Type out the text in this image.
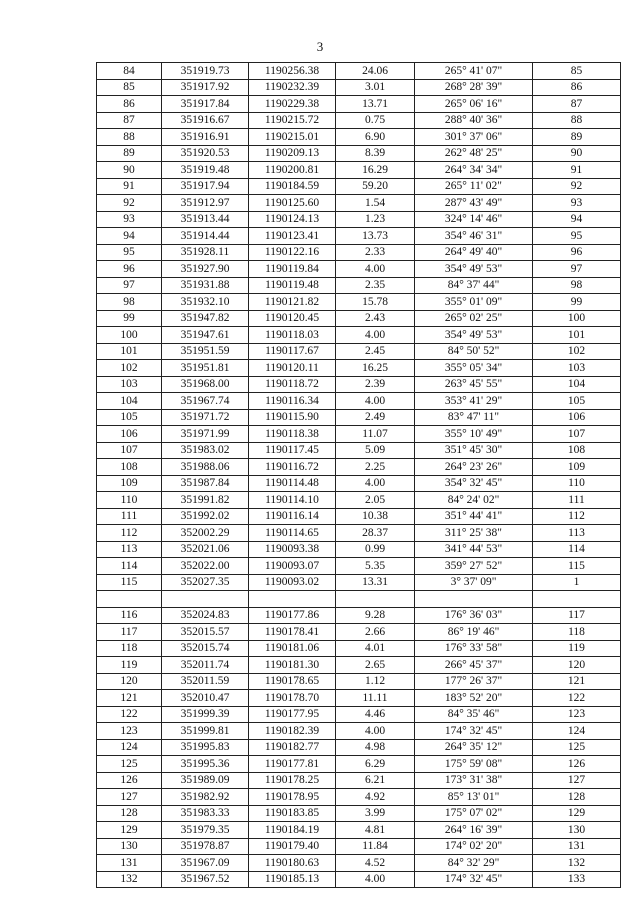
3
84	351919.73	1190256.38	24.06	265° 41' 07"	85
85	351917.92	1190232.39	3.01	268° 28' 39"	86
86	351917.84	1190229.38	13.71	265° 06' 16"	87
87	351916.67	1190215.72	0.75	288° 40' 36"	88
88	351916.91	1190215.01	6.90	301° 37' 06"	89
89	351920.53	1190209.13	8.39	262° 48' 25"	90
90	351919.48	1190200.81	16.29	264° 34' 34"	91
91	351917.94	1190184.59	59.20	265° 11' 02"	92
92	351912.97	1190125.60	1.54	287° 43' 49"	93
93	351913.44	1190124.13	1.23	324° 14' 46"	94
94	351914.44	1190123.41	13.73	354° 46' 31"	95
95	351928.11	1190122.16	2.33	264° 49' 40"	96
96	351927.90	1190119.84	4.00	354° 49' 53"	97
97	351931.88	1190119.48	2.35	84° 37' 44"	98
98	351932.10	1190121.82	15.78	355° 01' 09"	99
99	351947.82	1190120.45	2.43	265° 02' 25"	100
100	351947.61	1190118.03	4.00	354° 49' 53"	101
101	351951.59	1190117.67	2.45	84° 50' 52"	102
102	351951.81	1190120.11	16.25	355° 05' 34"	103
103	351968.00	1190118.72	2.39	263° 45' 55"	104
104	351967.74	1190116.34	4.00	353° 41' 29"	105
105	351971.72	1190115.90	2.49	83° 47' 11"	106
106	351971.99	1190118.38	11.07	355° 10' 49"	107
107	351983.02	1190117.45	5.09	351° 45' 30"	108
108	351988.06	1190116.72	2.25	264° 23' 26"	109
109	351987.84	1190114.48	4.00	354° 32' 45"	110
110	351991.82	1190114.10	2.05	84° 24' 02"	111
111	351992.02	1190116.14	10.38	351° 44' 41"	112
112	352002.29	1190114.65	28.37	311° 25' 38"	113
113	352021.06	1190093.38	0.99	341° 44' 53"	114
114	352022.00	1190093.07	5.35	359° 27' 52"	115
115	352027.35	1190093.02	13.31	3° 37' 09"	1

116	352024.83	1190177.86	9.28	176° 36' 03"	117
117	352015.57	1190178.41	2.66	86° 19' 46"	118
118	352015.74	1190181.06	4.01	176° 33' 58"	119
119	352011.74	1190181.30	2.65	266° 45' 37"	120
120	352011.59	1190178.65	1.12	177° 26' 37"	121
121	352010.47	1190178.70	11.11	183° 52' 20"	122
122	351999.39	1190177.95	4.46	84° 35' 46"	123
123	351999.81	1190182.39	4.00	174° 32' 45"	124
124	351995.83	1190182.77	4.98	264° 35' 12"	125
125	351995.36	1190177.81	6.29	175° 59' 08"	126
126	351989.09	1190178.25	6.21	173° 31' 38"	127
127	351982.92	1190178.95	4.92	85° 13' 01"	128
128	351983.33	1190183.85	3.99	175° 07' 02"	129
129	351979.35	1190184.19	4.81	264° 16' 39"	130
130	351978.87	1190179.40	11.84	174° 02' 20"	131
131	351967.09	1190180.63	4.52	84° 32' 29"	132
132	351967.52	1190185.13	4.00	174° 32' 45"	133
